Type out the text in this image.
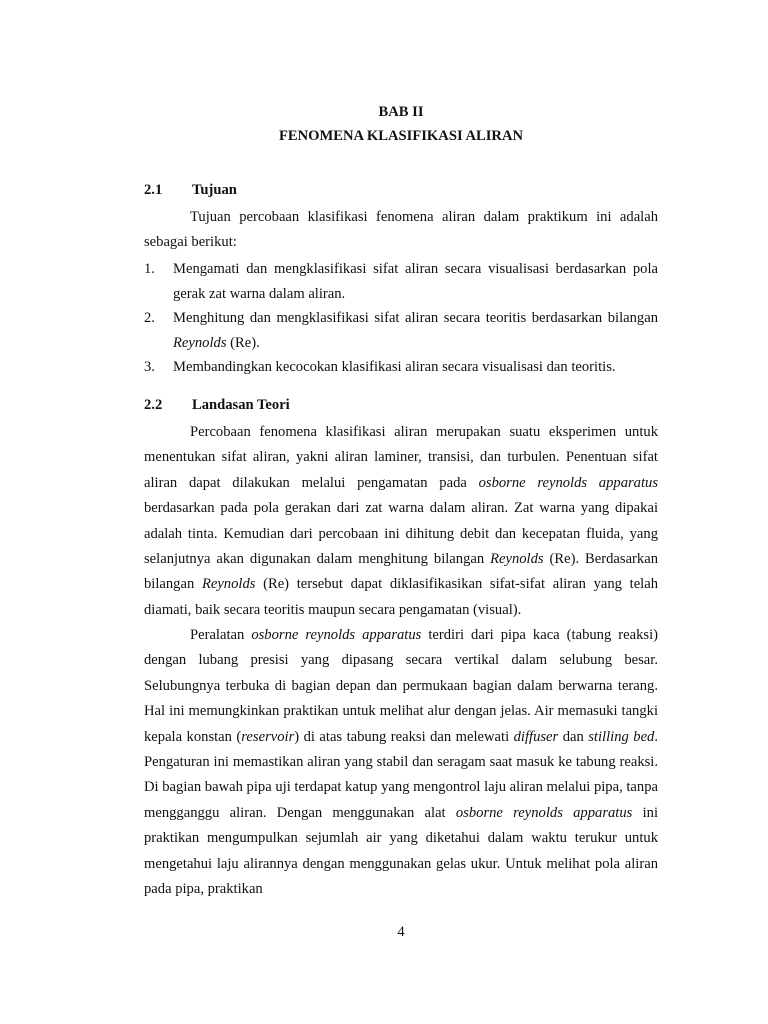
BAB II
FENOMENA KLASIFIKASI ALIRAN
2.1 Tujuan

Tujuan percobaan klasifikasi fenomena aliran dalam praktikum ini adalah sebagai berikut:

1.	Mengamati dan mengklasifikasi sifat aliran secara visualisasi berdasarkan pola gerak zat warna dalam aliran.
2.	Menghitung dan mengklasifikasi sifat aliran secara teoritis berdasarkan bilangan Reynolds (Re).
3.	Membandingkan kecocokan klasifikasi aliran secara visualisasi dan teoritis.
2.2 Landasan Teori

Percobaan fenomena klasifikasi aliran merupakan suatu eksperimen untuk menentukan sifat aliran, yakni aliran laminer, transisi, dan turbulen. Penentuan sifat aliran dapat dilakukan melalui pengamatan pada osborne reynolds apparatus berdasarkan pada pola gerakan dari zat warna dalam aliran. Zat warna yang dipakai adalah tinta. Kemudian dari percobaan ini dihitung debit dan kecepatan fluida, yang selanjutnya akan digunakan dalam menghitung bilangan Reynolds (Re). Berdasarkan bilangan Reynolds (Re) tersebut dapat diklasifikasikan sifat-sifat aliran yang telah diamati, baik secara teoritis maupun secara pengamatan (visual).

Peralatan osborne reynolds apparatus terdiri dari pipa kaca (tabung reaksi) dengan lubang presisi yang dipasang secara vertikal dalam selubung besar. Selubungnya terbuka di bagian depan dan permukaan bagian dalam berwarna terang. Hal ini memungkinkan praktikan untuk melihat alur dengan jelas. Air memasuki tangki kepala konstan (reservoir) di atas tabung reaksi dan melewati diffuser dan stilling bed. Pengaturan ini memastikan aliran yang stabil dan seragam saat masuk ke tabung reaksi. Di bagian bawah pipa uji terdapat katup yang mengontrol laju aliran melalui pipa, tanpa mengganggu aliran. Dengan menggunakan alat osborne reynolds apparatus ini praktikan mengumpulkan sejumlah air yang diketahui dalam waktu terukur untuk mengetahui laju alirannya dengan menggunakan gelas ukur. Untuk melihat pola aliran pada pipa, praktikan

4
